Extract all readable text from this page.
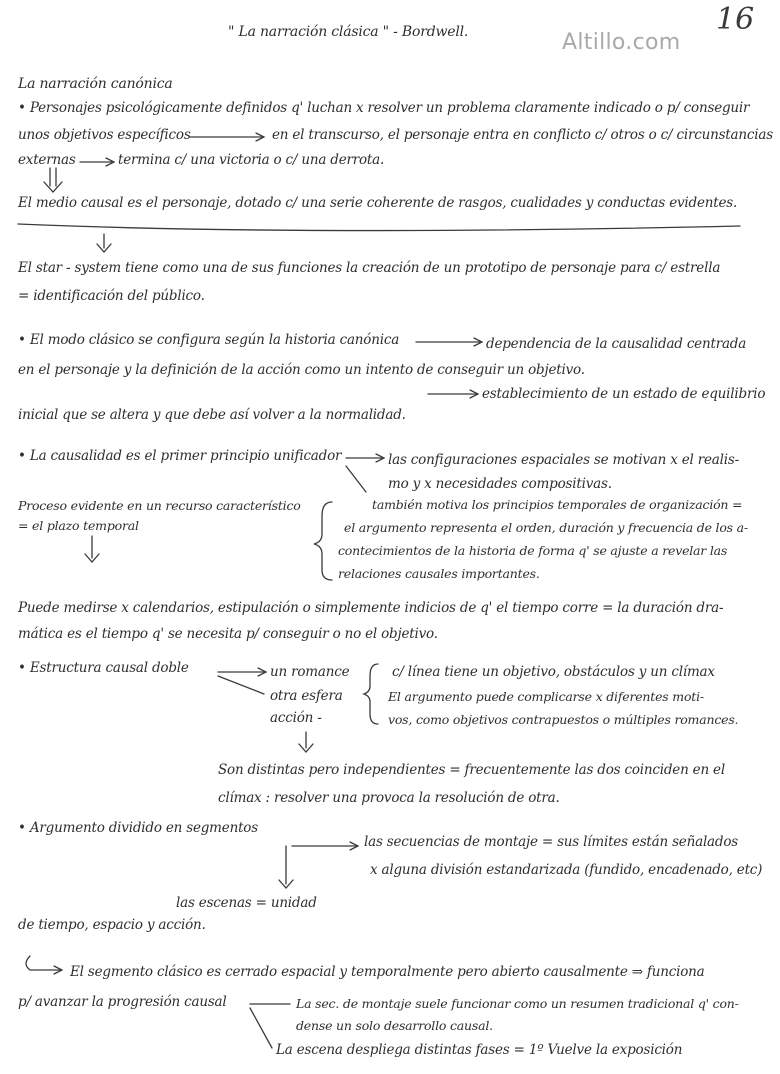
" La narración clásica " - Bordwell.	Altillo.com
16
La narración canónica
• Personajes psicológicamente definidos q' luchan x resolver un problema claramente indicado o p/ conseguir
unos objetivos específicos	en el transcurso, el personaje entra en conflicto c/ otros o c/ circunstancias
externas	termina c/ una victoria o c/ una derrota.
El medio causal es el personaje, dotado c/ una serie coherente de rasgos, cualidades y conductas evidentes.
El star - system tiene como una de sus funciones la creación de un prototipo de personaje para c/ estrella
= identificación del público.
• El modo clásico se configura según la historia canónica	dependencia de la causalidad centrada
en el personaje y la definición de la acción como un intento de conseguir un objetivo.
establecimiento de un estado de equilibrio
inicial que se altera y que debe así volver a la normalidad.
• La causalidad es el primer principio unificador	las configuraciones espaciales se motivan x el realis-
mo y x necesidades compositivas.
Proceso evidente en un recurso característico
= el plazo temporal
también motiva los principios temporales de organización =
el argumento representa el orden, duración y frecuencia de los a-
contecimientos de la historia de forma q' se ajuste a revelar las
relaciones causales importantes.
Puede medirse x calendarios, estipulación o simplemente indicios de q' el tiempo corre = la duración dra-
mática es el tiempo q' se necesita p/ conseguir o no el objetivo.
• Estructura causal doble	un romance
otra esfera
acción -
c/ línea tiene un objetivo, obstáculos y un clímax
El argumento puede complicarse x diferentes moti-
vos, como objetivos contrapuestos o múltiples romances.
Son distintas pero independientes = frecuentemente las dos coinciden en el
clímax : resolver una provoca la resolución de otra.
• Argumento dividido en segmentos
las secuencias de montaje = sus límites están señalados
x alguna división estandarizada (fundido, encadenado, etc)
las escenas = unidad
de tiempo, espacio y acción.
El segmento clásico es cerrado espacial y temporalmente pero abierto causalmente ⇒ funciona
p/ avanzar la progresión causal	La sec. de montaje suele funcionar como un resumen tradicional q' con-
dense un solo desarrollo causal.
La escena despliega distintas fases = 1º Vuelve la exposición
